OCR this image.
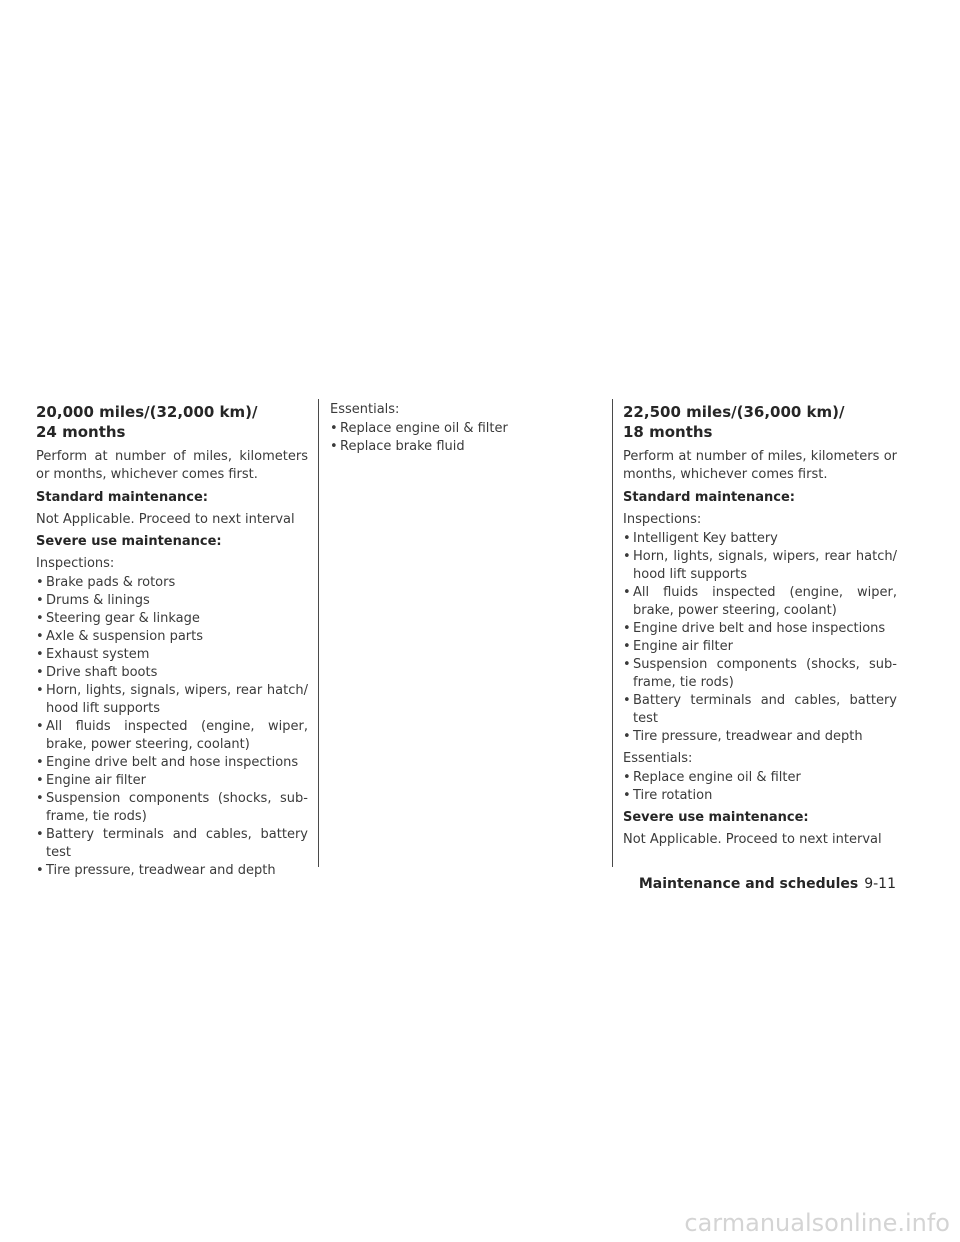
20,000 miles/(32,000 km)/
24 months

Perform at number of miles, kilometers or months, whichever comes first.

Standard maintenance:

Not Applicable. Proceed to next interval

Severe use maintenance:

Inspections:

• Brake pads & rotors
• Drums & linings
• Steering gear & linkage
• Axle & suspension parts
• Exhaust system
• Drive shaft boots
• Horn, lights, signals, wipers, rear hatch/ hood lift supports
• All fluids inspected (engine, wiper, brake, power steering, coolant)
• Engine drive belt and hose inspections
• Engine air filter
• Suspension components (shocks, sub-frame, tie rods)
• Battery terminals and cables, battery test
• Tire pressure, treadwear and depth

Essentials:

• Replace engine oil & filter
• Replace brake fluid
22,500 miles/(36,000 km)/
18 months

Perform at number of miles, kilometers or months, whichever comes first.

Standard maintenance:

Inspections:

• Intelligent Key battery
• Horn, lights, signals, wipers, rear hatch/ hood lift supports
• All fluids inspected (engine, wiper, brake, power steering, coolant)
• Engine drive belt and hose inspections
• Engine air filter
• Suspension components (shocks, sub-frame, tie rods)
• Battery terminals and cables, battery test
• Tire pressure, treadwear and depth

Essentials:

• Replace engine oil & filter
• Tire rotation

Severe use maintenance:

Not Applicable. Proceed to next interval

Maintenance and schedules 9-11
carmanualsonline.info
